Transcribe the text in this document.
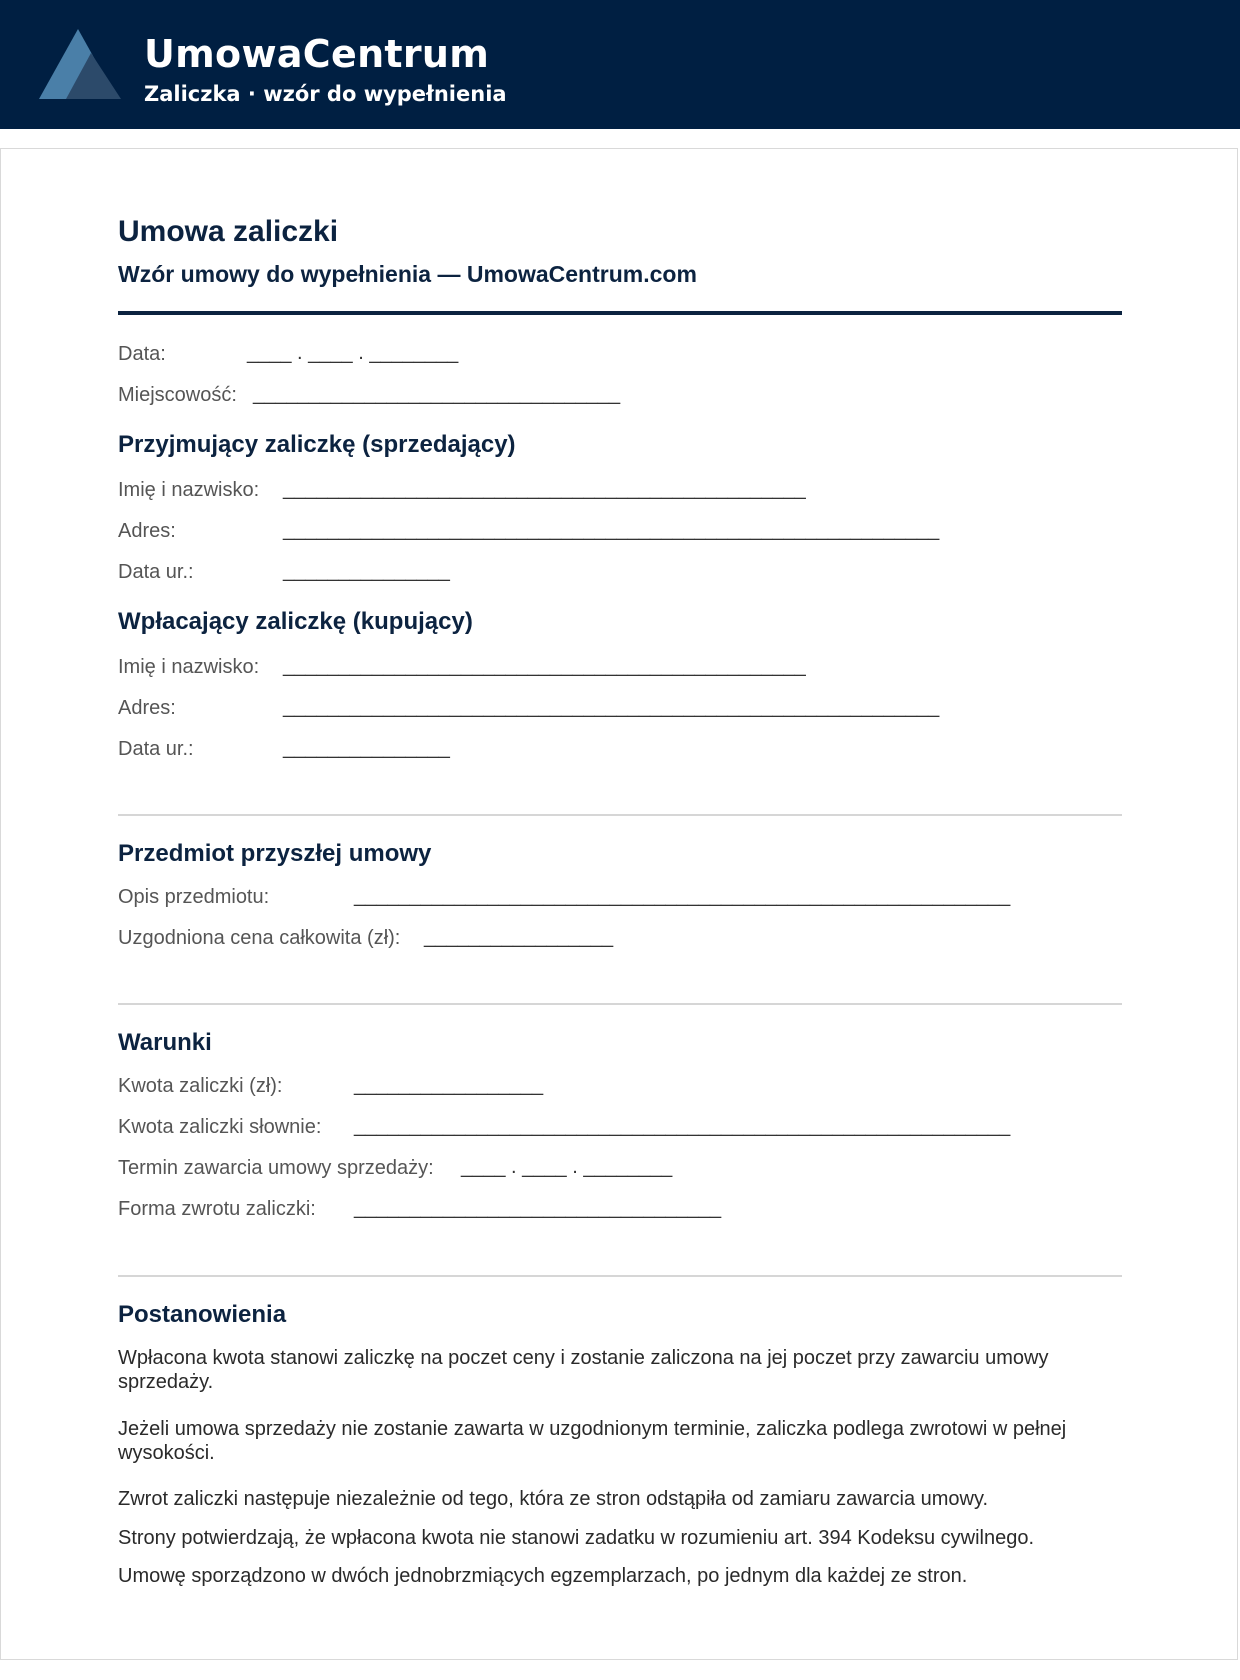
UmowaCentrum
Zaliczka · wzór do wypełnienia
Umowa zaliczki
Wzór umowy do wypełnienia — UmowaCentrum.com
Data:	____ . ____ . ________
Miejscowość: _________________________________
Przyjmujący zaliczkę (sprzedający)
Imię i nazwisko: _______________________________________________
Adres:	___________________________________________________________
Data ur.:	_______________
Wpłacający zaliczkę (kupujący)
Imię i nazwisko: _______________________________________________
Adres:	___________________________________________________________
Data ur.:	_______________
Przedmiot przyszłej umowy
Opis przedmiotu:	___________________________________________________________
Uzgodniona cena całkowita (zł): _________________
Warunki
Kwota zaliczki (zł):	_________________
Kwota zaliczki słownie: ___________________________________________________________
Termin zawarcia umowy sprzedaży: ____ . ____ . ________
Forma zwrotu zaliczki: _________________________________
Postanowienia
Wpłacona kwota stanowi zaliczkę na poczet ceny i zostanie zaliczona na jej poczet przy zawarciu umowy sprzedaży.
Jeżeli umowa sprzedaży nie zostanie zawarta w uzgodnionym terminie, zaliczka podlega zwrotowi w pełnej wysokości.
Zwrot zaliczki następuje niezależnie od tego, która ze stron odstąpiła od zamiaru zawarcia umowy.
Strony potwierdzają, że wpłacona kwota nie stanowi zadatku w rozumieniu art. 394 Kodeksu cywilnego.
Umowę sporządzono w dwóch jednobrzmiących egzemplarzach, po jednym dla każdej ze stron.
